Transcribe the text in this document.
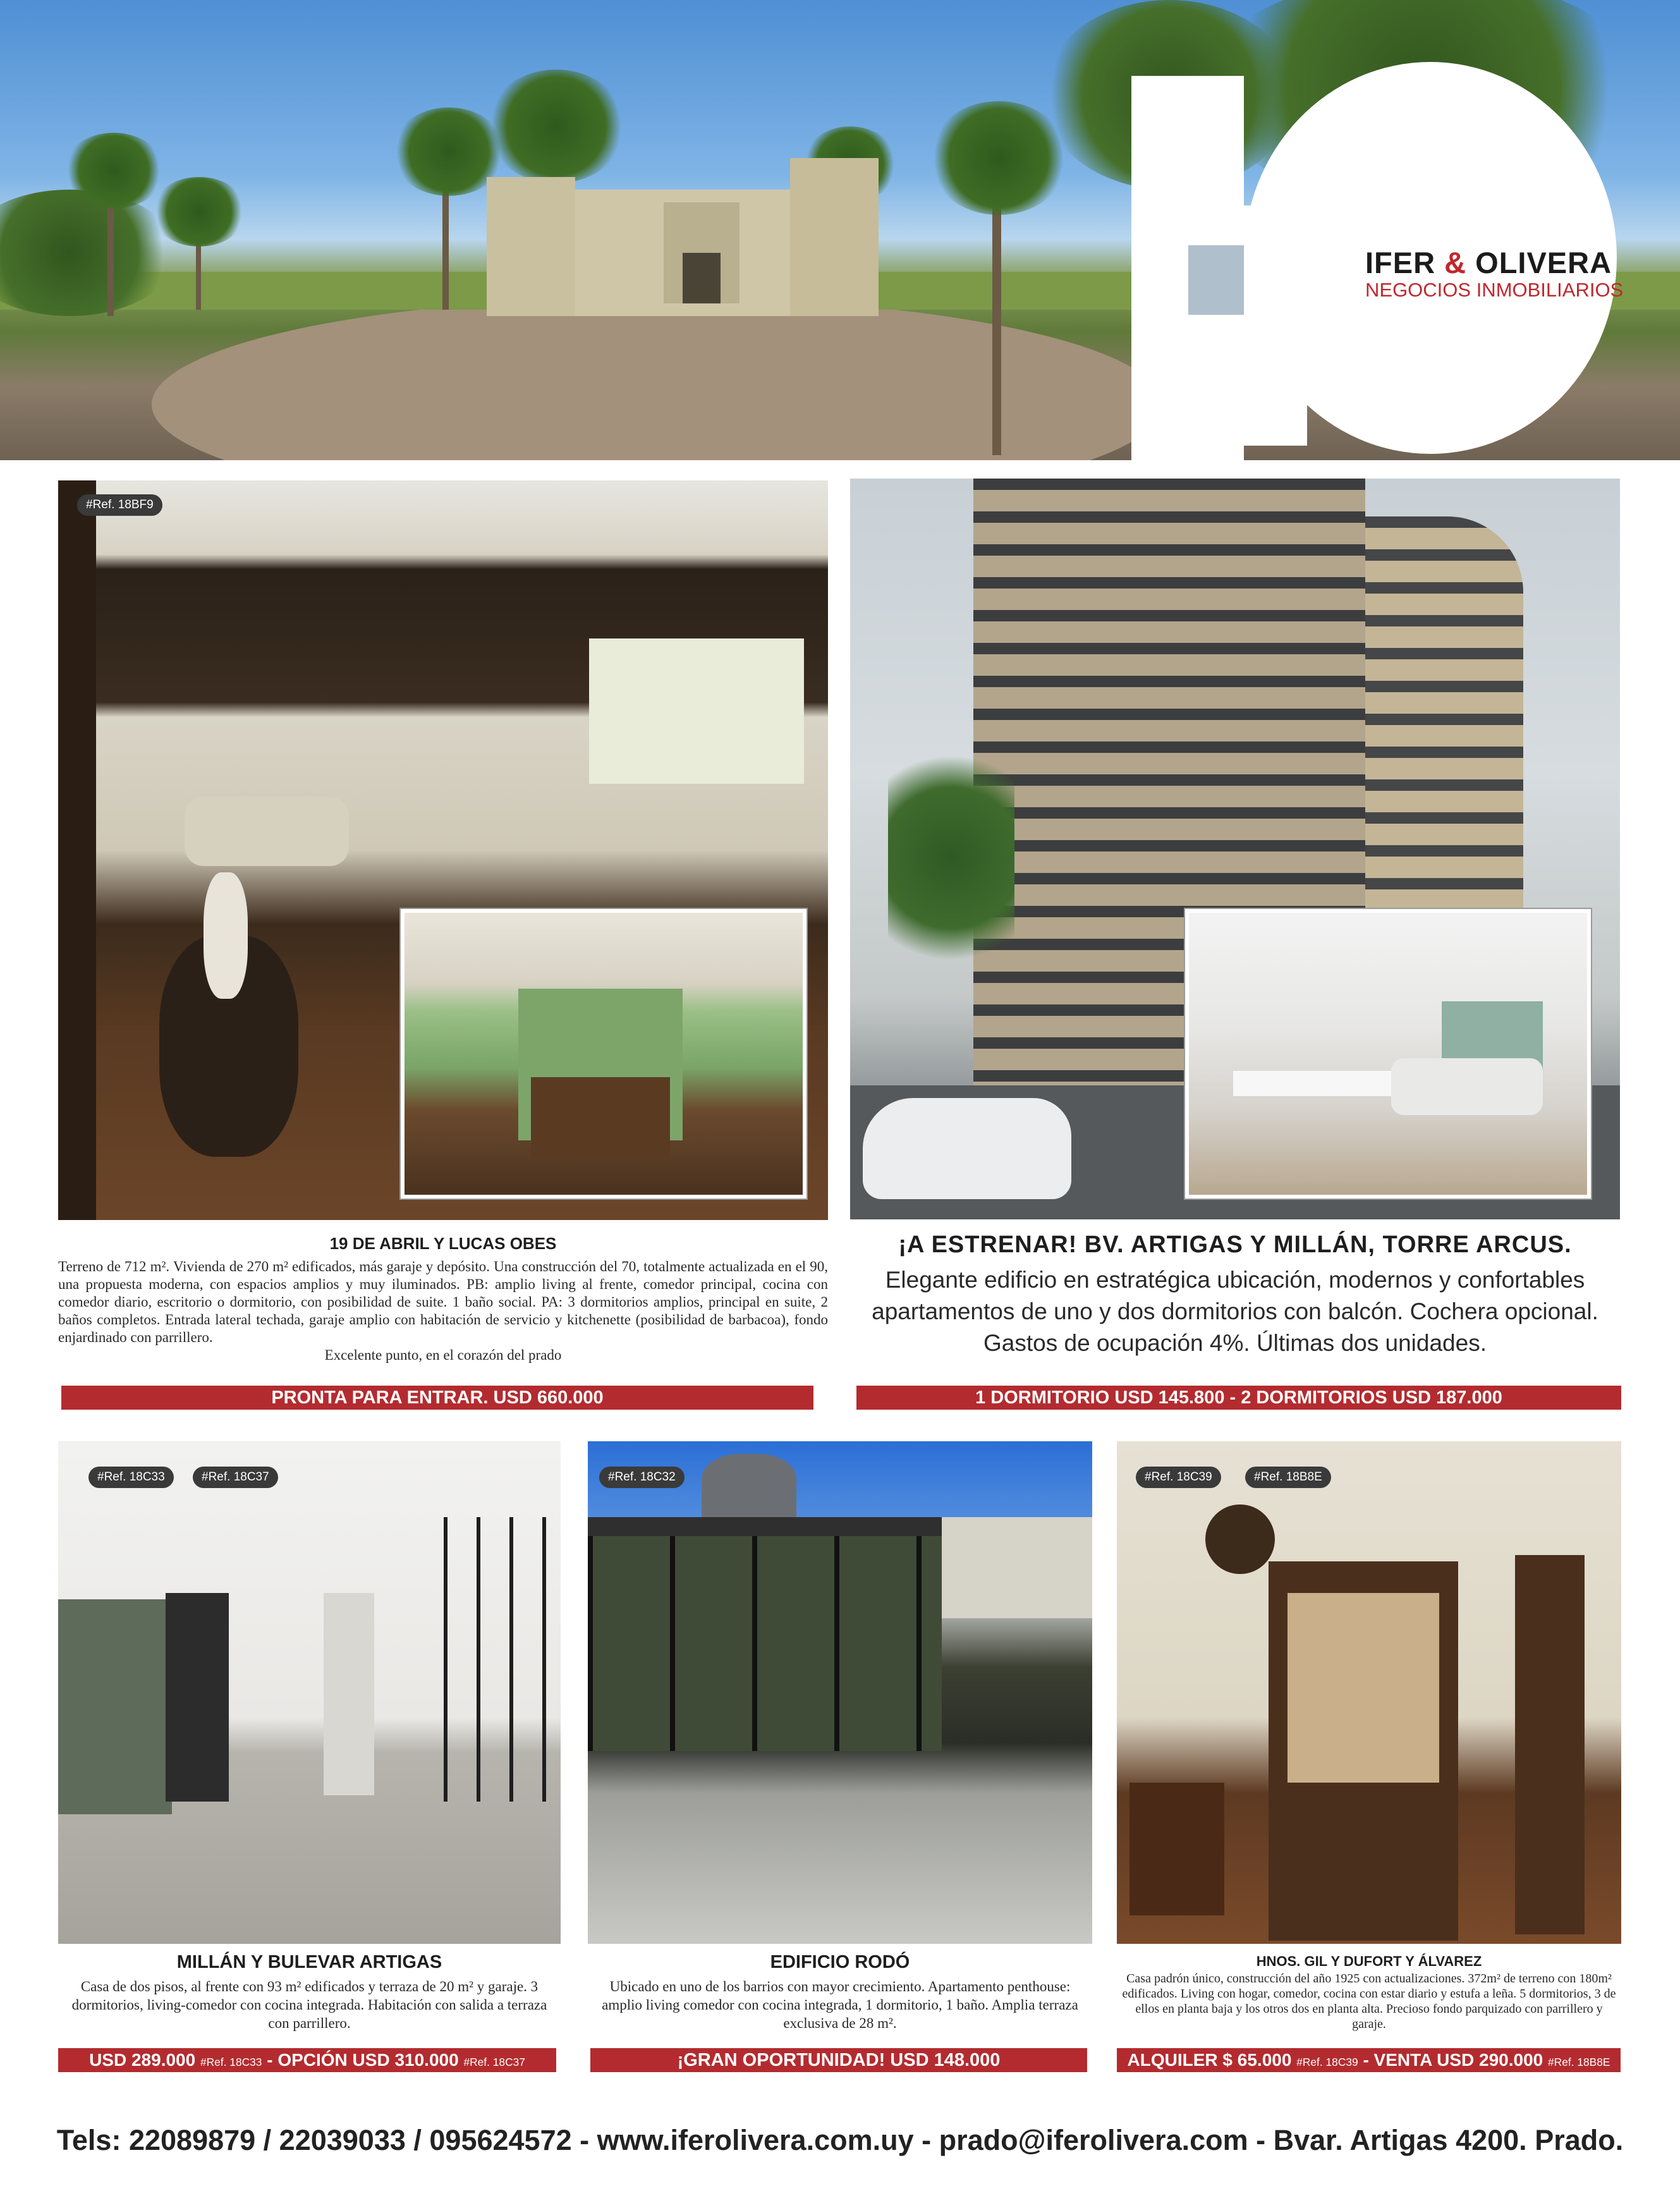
IFER & OLIVERA
NEGOCIOS INMOBILIARIOS
#Ref. 18BF9
19 DE ABRIL Y LUCAS OBES
Terreno de 712 m². Vivienda de 270 m² edificados, más garaje y depósito. Una construcción del 70, totalmente actualizada en el 90, una propuesta moderna, con espacios amplios y muy iluminados. PB: amplio living al frente, comedor principal, cocina con comedor diario, escritorio o dormitorio, con posibilidad de suite. 1 baño social. PA: 3 dormitorios amplios, principal en suite, 2 baños completos. Entrada lateral techada, garaje amplio con habitación de servicio y kitchenette (posibilidad de barbacoa), fondo enjardinado con parrillero.
Excelente punto, en el corazón del prado
PRONTA PARA ENTRAR. USD 660.000
¡A ESTRENAR! BV. ARTIGAS Y MILLÁN, TORRE ARCUS.
Elegante edificio en estratégica ubicación, modernos y confortables apartamentos de uno y dos dormitorios con balcón. Cochera opcional. Gastos de ocupación 4%. Últimas dos unidades.
1 DORMITORIO USD 145.800 - 2 DORMITORIOS USD 187.000
#Ref. 18C33	#Ref. 18C37
MILLÁN Y BULEVAR ARTIGAS
Casa de dos pisos, al frente con 93 m² edificados y terraza de 20 m² y garaje. 3 dormitorios, living-comedor con cocina integrada. Habitación con salida a terraza con parrillero.
USD 289.000 #Ref. 18C33 - OPCIÓN USD 310.000 #Ref. 18C37
#Ref. 18C32
EDIFICIO RODÓ
Ubicado en uno de los barrios con mayor crecimiento. Apartamento penthouse: amplio living comedor con cocina integrada, 1 dormitorio, 1 baño. Amplia terraza exclusiva de 28 m².
¡GRAN OPORTUNIDAD! USD 148.000
#Ref. 18C39	#Ref. 18B8E
HNOS. GIL Y DUFORT Y ÁLVAREZ
Casa padrón único, construcción del año 1925 con actualizaciones. 372m² de terreno con 180m² edificados. Living con hogar, comedor, cocina con estar diario y estufa a leña. 5 dormitorios, 3 de ellos en planta baja y los otros dos en planta alta. Precioso fondo parquizado con parrillero y garaje.
ALQUILER $ 65.000 #Ref. 18C39 - VENTA USD 290.000 #Ref. 18B8E
Tels: 22089879 / 22039033 / 095624572 - www.iferolivera.com.uy - prado@iferolivera.com - Bvar. Artigas 4200. Prado.
